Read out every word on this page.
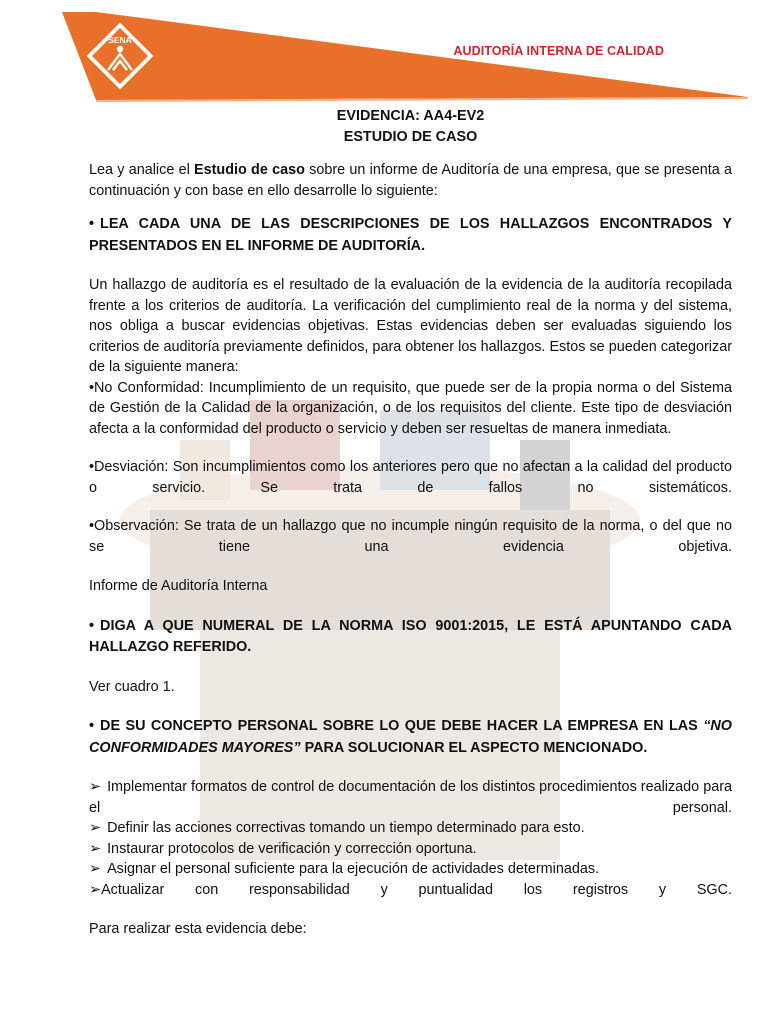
SENA
AUDITORÍA INTERNA DE CALIDAD

EVIDENCIA: AA4-EV2

ESTUDIO DE CASO

Lea y analice el Estudio de caso sobre un informe de Auditoría de una empresa, que se presenta a continuación y con base en ello desarrolle lo siguiente:

• LEA CADA UNA DE LAS DESCRIPCIONES DE LOS HALLAZGOS ENCONTRADOS Y PRESENTADOS EN EL INFORME DE AUDITORÍA.

Un hallazgo de auditoría es el resultado de la evaluación de la evidencia de la auditoría recopilada frente a los criterios de auditoría. La verificación del cumplimiento real de la norma y del sistema, nos obliga a buscar evidencias objetivas. Estas evidencias deben ser evaluadas siguiendo los criterios de auditoría previamente definidos, para obtener los hallazgos. Estos se pueden categorizar de la siguiente manera:

•No Conformidad: Incumplimiento de un requisito, que puede ser de la propia norma o del Sistema de Gestión de la Calidad de la organización, o de los requisitos del cliente. Este tipo de desviación afecta a la conformidad del producto o servicio y deben ser resueltas de manera inmediata.

•Desviación: Son incumplimientos como los anteriores pero que no afectan a la calidad del producto o servicio. Se trata de fallos no sistemáticos.

•Observación: Se trata de un hallazgo que no incumple ningún requisito de la norma, o del que no se tiene una evidencia objetiva.

Informe de Auditoría Interna

• DIGA A QUE NUMERAL DE LA NORMA ISO 9001:2015, LE ESTÁ APUNTANDO CADA HALLAZGO REFERIDO.

Ver cuadro 1.

• DE SU CONCEPTO PERSONAL SOBRE LO QUE DEBE HACER LA EMPRESA EN LAS “NO CONFORMIDADES MAYORES” PARA SOLUCIONAR EL ASPECTO MENCIONADO.

➢ Implementar formatos de control de documentación de los distintos procedimientos realizado para el personal.

➢ Definir las acciones correctivas tomando un tiempo determinado para esto.

➢ Instaurar protocolos de verificación y corrección oportuna.

➢ Asignar el personal suficiente para la ejecución de actividades determinadas.

➢Actualizar con responsabilidad y puntualidad los registros y SGC.

Para realizar esta evidencia debe:
